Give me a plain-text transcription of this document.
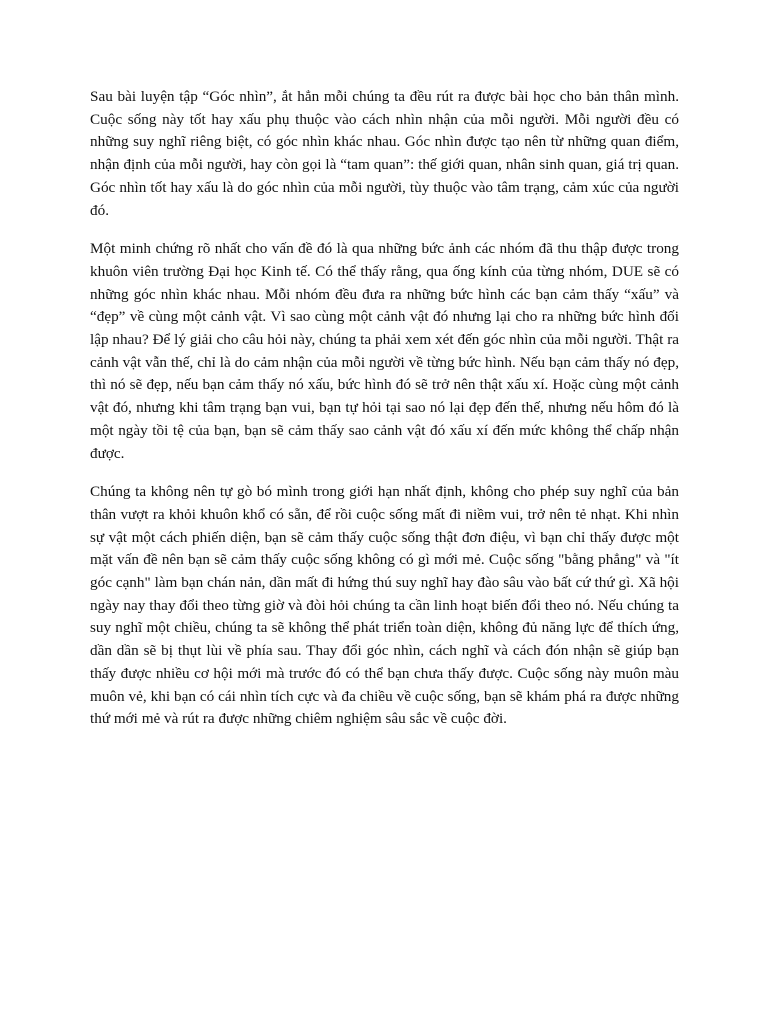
Sau bài luyện tập “Góc nhìn”, ắt hẳn mỗi chúng ta đều rút ra được bài học cho bản thân mình. Cuộc sống này tốt hay xấu phụ thuộc vào cách nhìn nhận của mỗi người. Mỗi người đều có những suy nghĩ riêng biệt, có góc nhìn khác nhau. Góc nhìn được tạo nên từ những quan điểm, nhận định của mỗi người, hay còn gọi là “tam quan”: thế giới quan, nhân sinh quan, giá trị quan. Góc nhìn tốt hay xấu là do góc nhìn của mỗi người, tùy thuộc vào tâm trạng, cảm xúc của người đó.

Một minh chứng rõ nhất cho vấn đề đó là qua những bức ảnh các nhóm đã thu thập được trong khuôn viên trường Đại học Kinh tế. Có thể thấy rằng, qua ống kính của từng nhóm, DUE sẽ có những góc nhìn khác nhau. Mỗi nhóm đều đưa ra những bức hình các bạn cảm thấy “xấu” và “đẹp” về cùng một cảnh vật. Vì sao cùng một cảnh vật đó nhưng lại cho ra những bức hình đối lập nhau? Để lý giải cho câu hỏi này, chúng ta phải xem xét đến góc nhìn của mỗi người. Thật ra cảnh vật vẫn thế, chỉ là do cảm nhận của mỗi người về từng bức hình. Nếu bạn cảm thấy nó đẹp, thì nó sẽ đẹp, nếu bạn cảm thấy nó xấu, bức hình đó sẽ trở nên thật xấu xí. Hoặc cùng một cảnh vật đó, nhưng khi tâm trạng bạn vui, bạn tự hỏi tại sao nó lại đẹp đến thế, nhưng nếu hôm đó là một ngày tồi tệ của bạn, bạn sẽ cảm thấy sao cảnh vật đó xấu xí đến mức không thể chấp nhận được.

Chúng ta không nên tự gò bó mình trong giới hạn nhất định, không cho phép suy nghĩ của bản thân vượt ra khỏi khuôn khổ có sẵn, để rồi cuộc sống mất đi niềm vui, trở nên tẻ nhạt. Khi nhìn sự vật một cách phiến diện, bạn sẽ cảm thấy cuộc sống thật đơn điệu, vì bạn chỉ thấy được một mặt vấn đề nên bạn sẽ cảm thấy cuộc sống không có gì mới mẻ. Cuộc sống "bằng phẳng" và "ít góc cạnh" làm bạn chán nản, dần mất đi hứng thú suy nghĩ hay đào sâu vào bất cứ thứ gì. Xã hội ngày nay thay đổi theo từng giờ và đòi hỏi chúng ta cần linh hoạt biến đổi theo nó. Nếu chúng ta suy nghĩ một chiều, chúng ta sẽ không thể phát triển toàn diện, không đủ năng lực để thích ứng, dần dần sẽ bị thụt lùi về phía sau. Thay đổi góc nhìn, cách nghĩ và cách đón nhận sẽ giúp bạn thấy được nhiều cơ hội mới mà trước đó có thể bạn chưa thấy được. Cuộc sống này muôn màu muôn vẻ, khi bạn có cái nhìn tích cực và đa chiều về cuộc sống, bạn sẽ khám phá ra được những thứ mới mẻ và rút ra được những chiêm nghiệm sâu sắc về cuộc đời.
